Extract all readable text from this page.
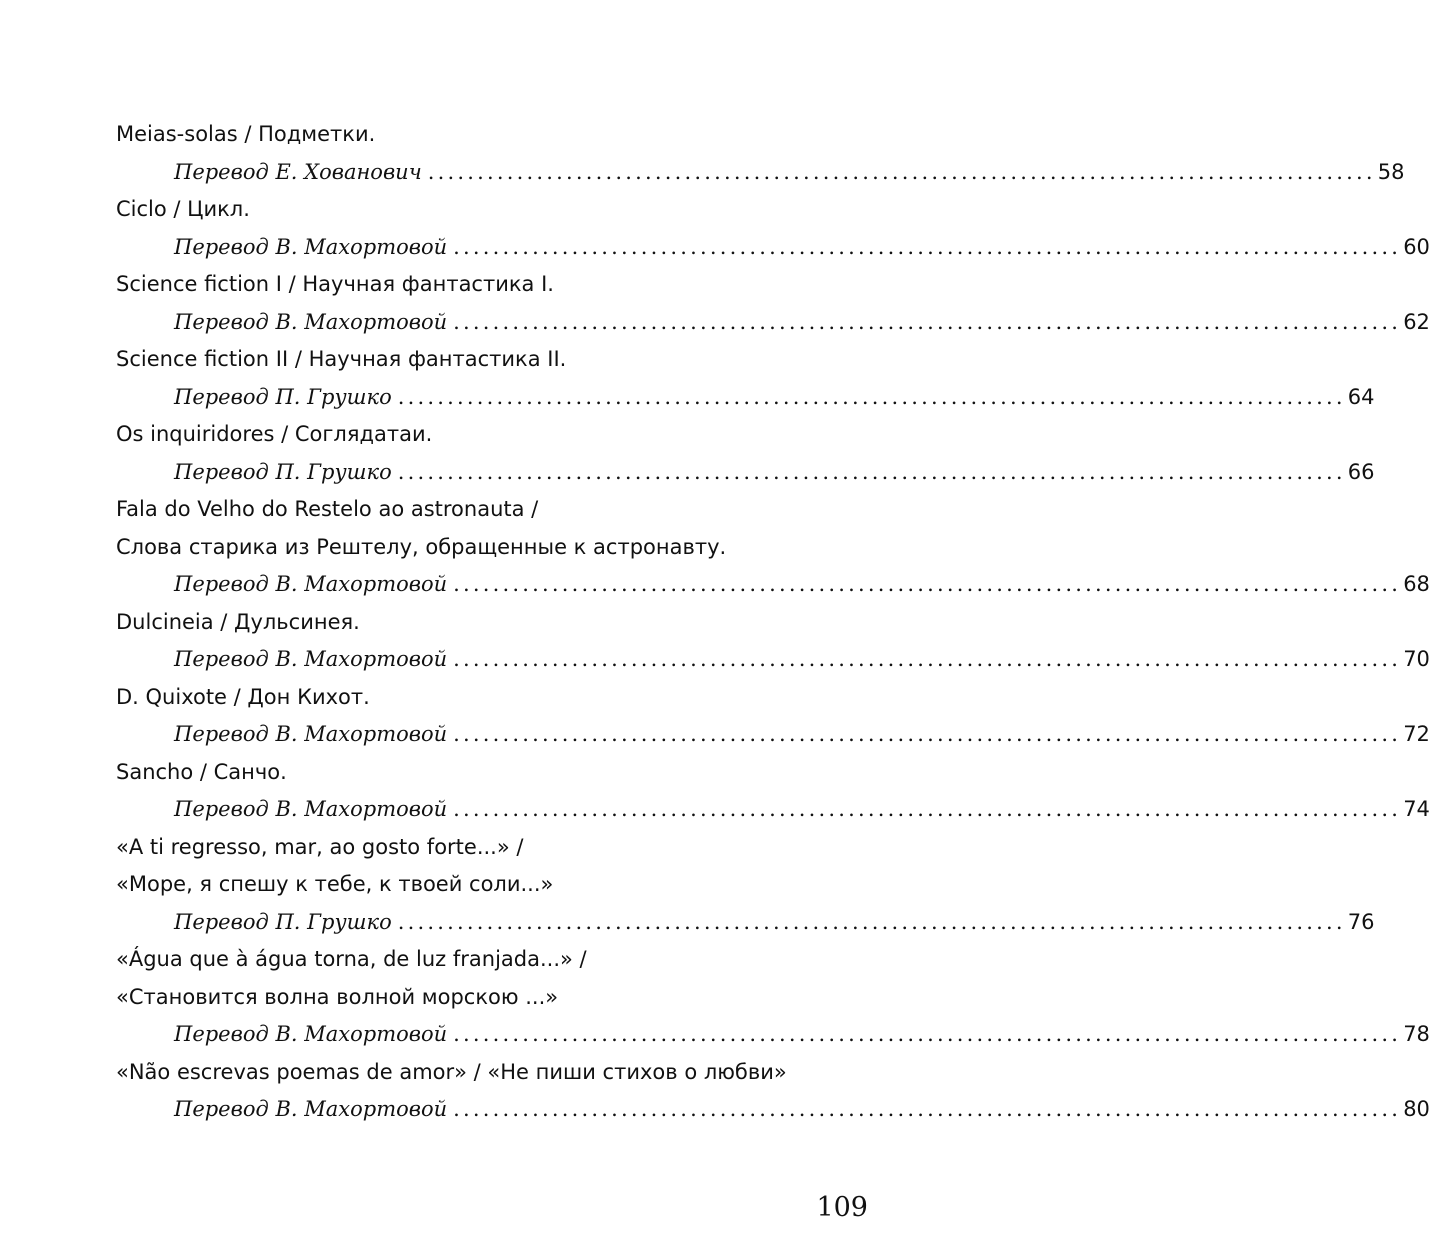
Meias-solas / Подметки.
Перевод Е. Хованович ................................................................................................ 58
Ciclo / Цикл.
Перевод В. Махортовой ................................................................................................ 60
Science fiction I / Научная фантастика I.
Перевод В. Махортовой ................................................................................................ 62
Science fiction II / Научная фантастика II.
Перевод П. Грушко ................................................................................................ 64
Os inquiridores / Соглядатаи.
Перевод П. Грушко ................................................................................................ 66
Fala do Velho do Restelo ao astronauta /
Слова старика из Рештелу, обращенные к астронавту.
Перевод В. Махортовой ................................................................................................ 68
Dulcineia / Дульсинея.
Перевод В. Махортовой ................................................................................................ 70
D. Quixote / Дон Кихот.
Перевод В. Махортовой ................................................................................................ 72
Sancho / Санчо.
Перевод В. Махортовой ................................................................................................ 74
«A ti regresso, mar, ao gosto forte...» /
«Море, я спешу к тебе, к твоей соли...»
Перевод П. Грушко ................................................................................................ 76
«Água que à água torna, de luz franjada...» /
«Становится волна волной морскою ...»
Перевод В. Махортовой ................................................................................................ 78
«Não escrevas poemas de amor» / «Не пиши стихов о любви»
Перевод В. Махортовой ................................................................................................ 80
109
